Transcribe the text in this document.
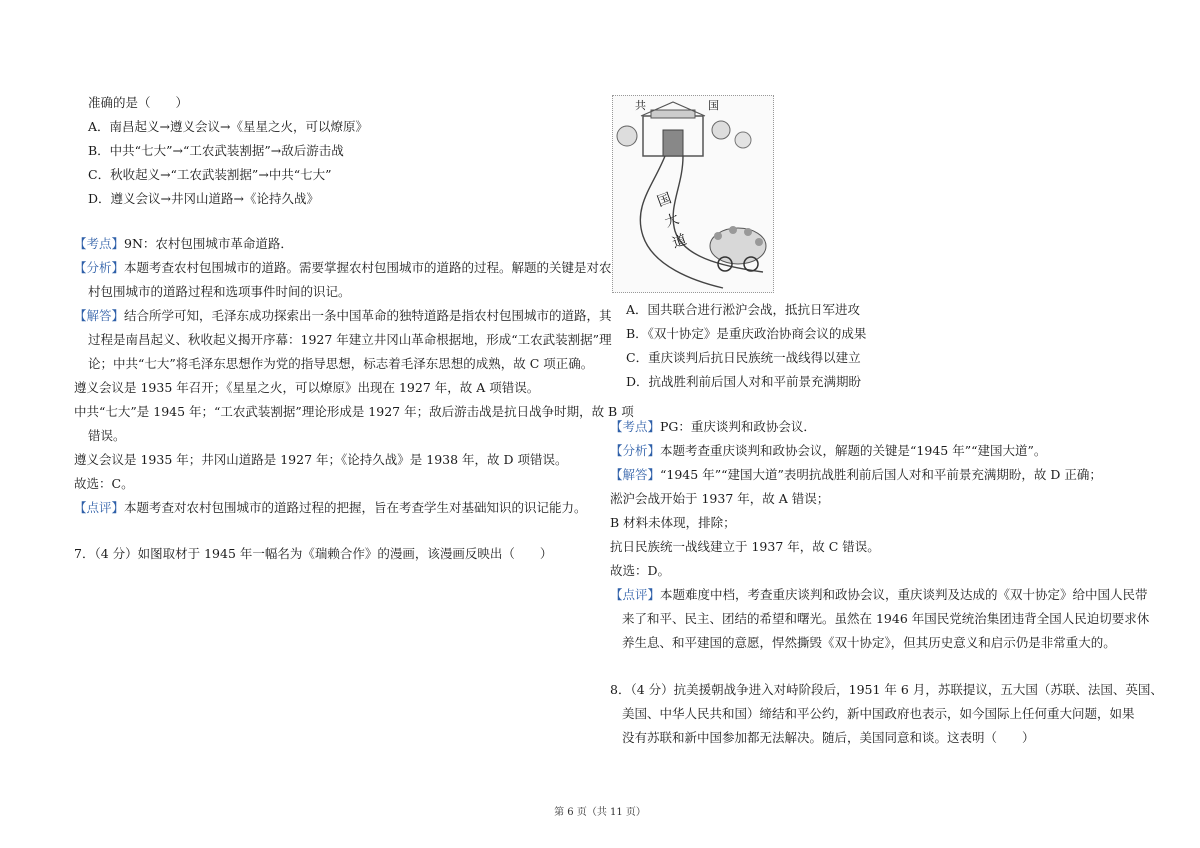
准确的是（　　）
A．南昌起义→遵义会议→《星星之火，可以燎原》
B．中共“七大”→“工农武装割据”→敌后游击战
C．秋收起义→“工农武装割据”→中共“七大”
D．遵义会议→井冈山道路→《论持久战》
【考点】9N：农村包围城市革命道路．
【分析】本题考查农村包围城市的道路。需要掌握农村包围城市的道路的过程。解题的关键是对农
村包围城市的道路过程和选项事件时间的识记。
【解答】结合所学可知，毛泽东成功探索出一条中国革命的独特道路是指农村包围城市的道路，其
过程是南昌起义、秋收起义揭开序幕：1927 年建立井冈山革命根据地，形成“工农武装割据”理
论；中共“七大”将毛泽东思想作为党的指导思想，标志着毛泽东思想的成熟，故 C 项正确。
遵义会议是 1935 年召开；《星星之火，可以燎原》出现在 1927 年，故 A 项错误。
中共“七大”是 1945 年；“工农武装割据”理论形成是 1927 年；敌后游击战是抗日战争时期，故 B 项
错误。
遵义会议是 1935 年；井冈山道路是 1927 年；《论持久战》是 1938 年，故 D 项错误。
故选：C。
【点评】本题考查对农村包围城市的道路过程的把握，旨在考查学生对基础知识的识记能力。
7．（4 分）如图取材于 1945 年一幅名为《瑞赖合作》的漫画，该漫画反映出（　　）
共	国
国大道
A．国共联合进行淞沪会战，抵抗日军进攻
B．《双十协定》是重庆政治协商会议的成果
C．重庆谈判后抗日民族统一战线得以建立
D．抗战胜利前后国人对和平前景充满期盼
【考点】PG：重庆谈判和政协会议．
【分析】本题考查重庆谈判和政协会议，解题的关键是“1945 年”“建国大道”。
【解答】“1945 年”“建国大道”表明抗战胜利前后国人对和平前景充满期盼，故 D 正确；
淞沪会战开始于 1937 年，故 A 错误；
B 材料未体现，排除；
抗日民族统一战线建立于 1937 年，故 C 错误。
故选：D。
【点评】本题难度中档，考查重庆谈判和政协会议，重庆谈判及达成的《双十协定》给中国人民带
来了和平、民主、团结的希望和曙光。虽然在 1946 年国民党统治集团违背全国人民迫切要求休
养生息、和平建国的意愿，悍然撕毁《双十协定》，但其历史意义和启示仍是非常重大的。
8．（4 分）抗美援朝战争进入对峙阶段后，1951 年 6 月，苏联提议，五大国（苏联、法国、英国、
美国、中华人民共和国）缔结和平公约，新中国政府也表示，如今国际上任何重大问题，如果
没有苏联和新中国参加都无法解决。随后，美国同意和谈。这表明（　　）
第 6 页（共 11 页）
